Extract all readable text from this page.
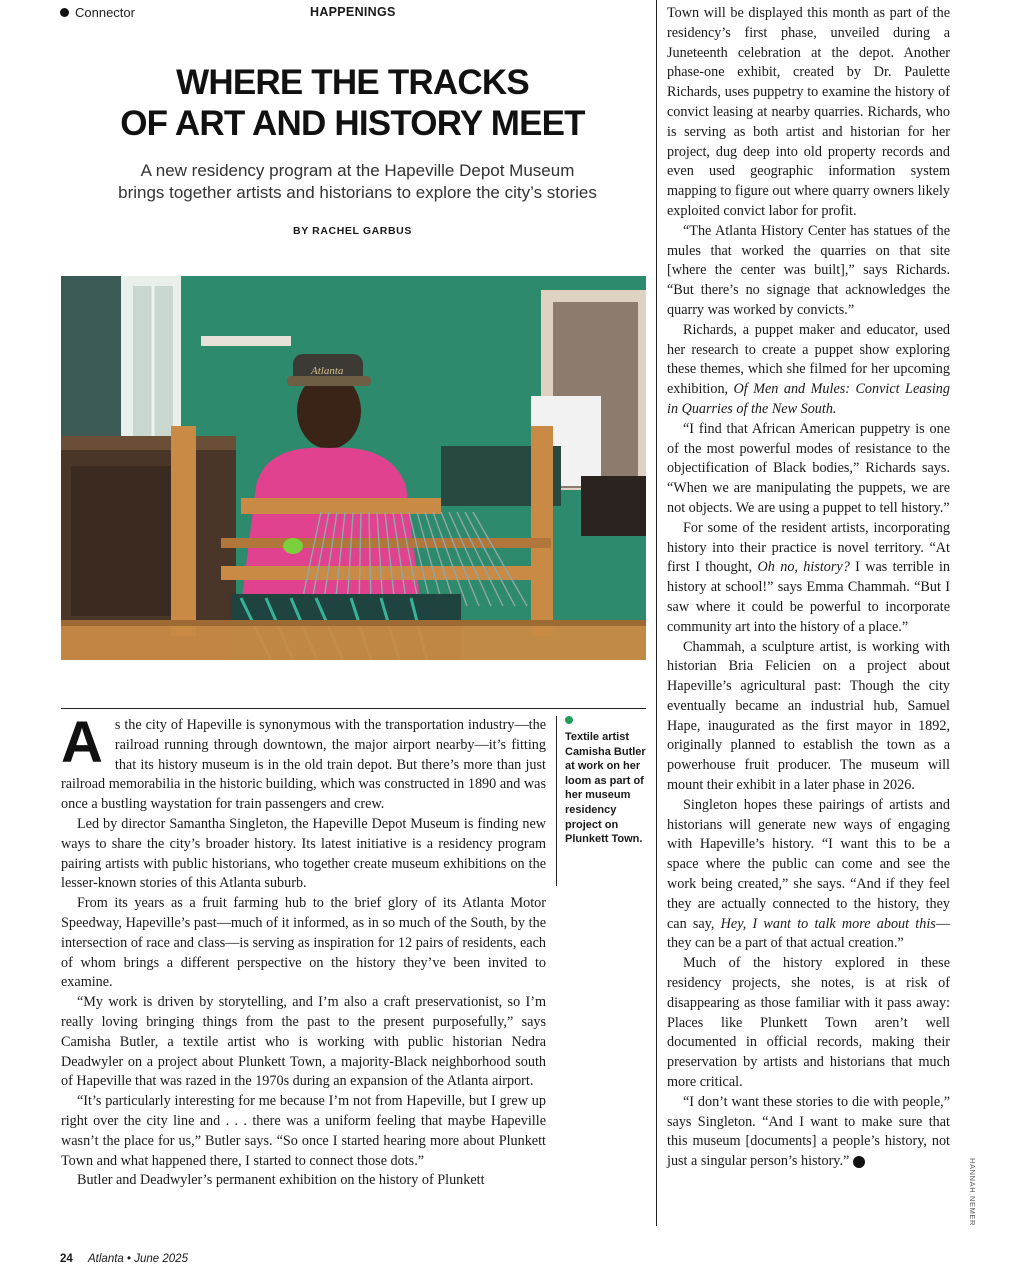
Connector	HAPPENINGS
WHERE THE TRACKS
OF ART AND HISTORY MEET

A new residency program at the Hapeville Depot Museum
brings together artists and historians to explore the city’s stories

BY RACHEL GARBUS
Atlanta

As the city of Hapeville is synonymous with the transportation industry—the railroad running through downtown, the major airport nearby—it’s fitting that its history museum is in the old train depot. But there’s more than just railroad memorabilia in the historic building, which was constructed in 1890 and was once a bustling waystation for train passengers and crew.

Led by director Samantha Singleton, the Hapeville Depot Museum is finding new ways to share the city’s broader history. Its latest initiative is a residency program pairing artists with public historians, who together create museum exhibitions on the lesser-known stories of this Atlanta suburb.

From its years as a fruit farming hub to the brief glory of its Atlanta Motor Speedway, Hapeville’s past—much of it informed, as in so much of the South, by the intersection of race and class—is serving as inspiration for 12 pairs of residents, each of whom brings a different perspective on the history they’ve been invited to examine.

“My work is driven by storytelling, and I’m also a craft preservationist, so I’m really loving bringing things from the past to the present purposefully,” says Camisha Butler, a textile artist who is working with public historian Nedra Deadwyler on a project about Plunkett Town, a majority-Black neighborhood south of Hapeville that was razed in the 1970s during an expansion of the Atlanta airport.

“It’s particularly interesting for me because I’m not from Hapeville, but I grew up right over the city line and . . . there was a uniform feeling that maybe Hapeville wasn’t the place for us,” Butler says. “So once I started hearing more about Plunkett Town and what happened there, I started to connect those dots.”

Butler and Deadwyler’s permanent exhibition on the history of Plunkett

Textile artist Camisha Butler at work on her loom as part of her museum residency project on Plunkett Town.

Town will be displayed this month as part of the residency’s first phase, unveiled during a Juneteenth celebration at the depot. Another phase-one exhibit, created by Dr. Paulette Richards, uses puppetry to examine the history of convict leasing at nearby quarries. Richards, who is serving as both artist and historian for her project, dug deep into old property records and even used geographic information system mapping to figure out where quarry owners likely exploited convict labor for profit.

“The Atlanta History Center has statues of the mules that worked the quarries on that site [where the center was built],” says Richards. “But there’s no signage that acknowledges the quarry was worked by convicts.”

Richards, a puppet maker and educator, used her research to create a puppet show exploring these themes, which she filmed for her upcoming exhibition, Of Men and Mules: Convict Leasing in Quarries of the New South.

“I find that African American puppetry is one of the most powerful modes of resistance to the objectification of Black bodies,” Richards says. “When we are manipulating the puppets, we are not objects. We are using a puppet to tell history.”

For some of the resident artists, incorporating history into their practice is novel territory. “At first I thought, Oh no, history? I was terrible in history at school!” says Emma Chammah. “But I saw where it could be powerful to incorporate community art into the history of a place.”

Chammah, a sculpture artist, is working with historian Bria Felicien on a project about Hapeville’s agricultural past: Though the city eventually became an industrial hub, Samuel Hape, inaugurated as the first mayor in 1892, originally planned to establish the town as a powerhouse fruit producer. The museum will mount their exhibit in a later phase in 2026.

Singleton hopes these pairings of artists and historians will generate new ways of engaging with Hapeville’s history. “I want this to be a space where the public can come and see the work being created,” she says. “And if they feel they are actually connected to the history, they can say, Hey, I want to talk more about this—they can be a part of that actual creation.”

Much of the history explored in these residency projects, she notes, is at risk of disappearing as those familiar with it pass away: Places like Plunkett Town aren’t well documented in official records, making their preservation by artists and historians that much more critical.

“I don’t want these stories to die with people,” says Singleton. “And I want to make sure that this museum [documents] a people’s history, not just a singular person’s history.” A	HANNAH NEMER
24 Atlanta • June 2025
